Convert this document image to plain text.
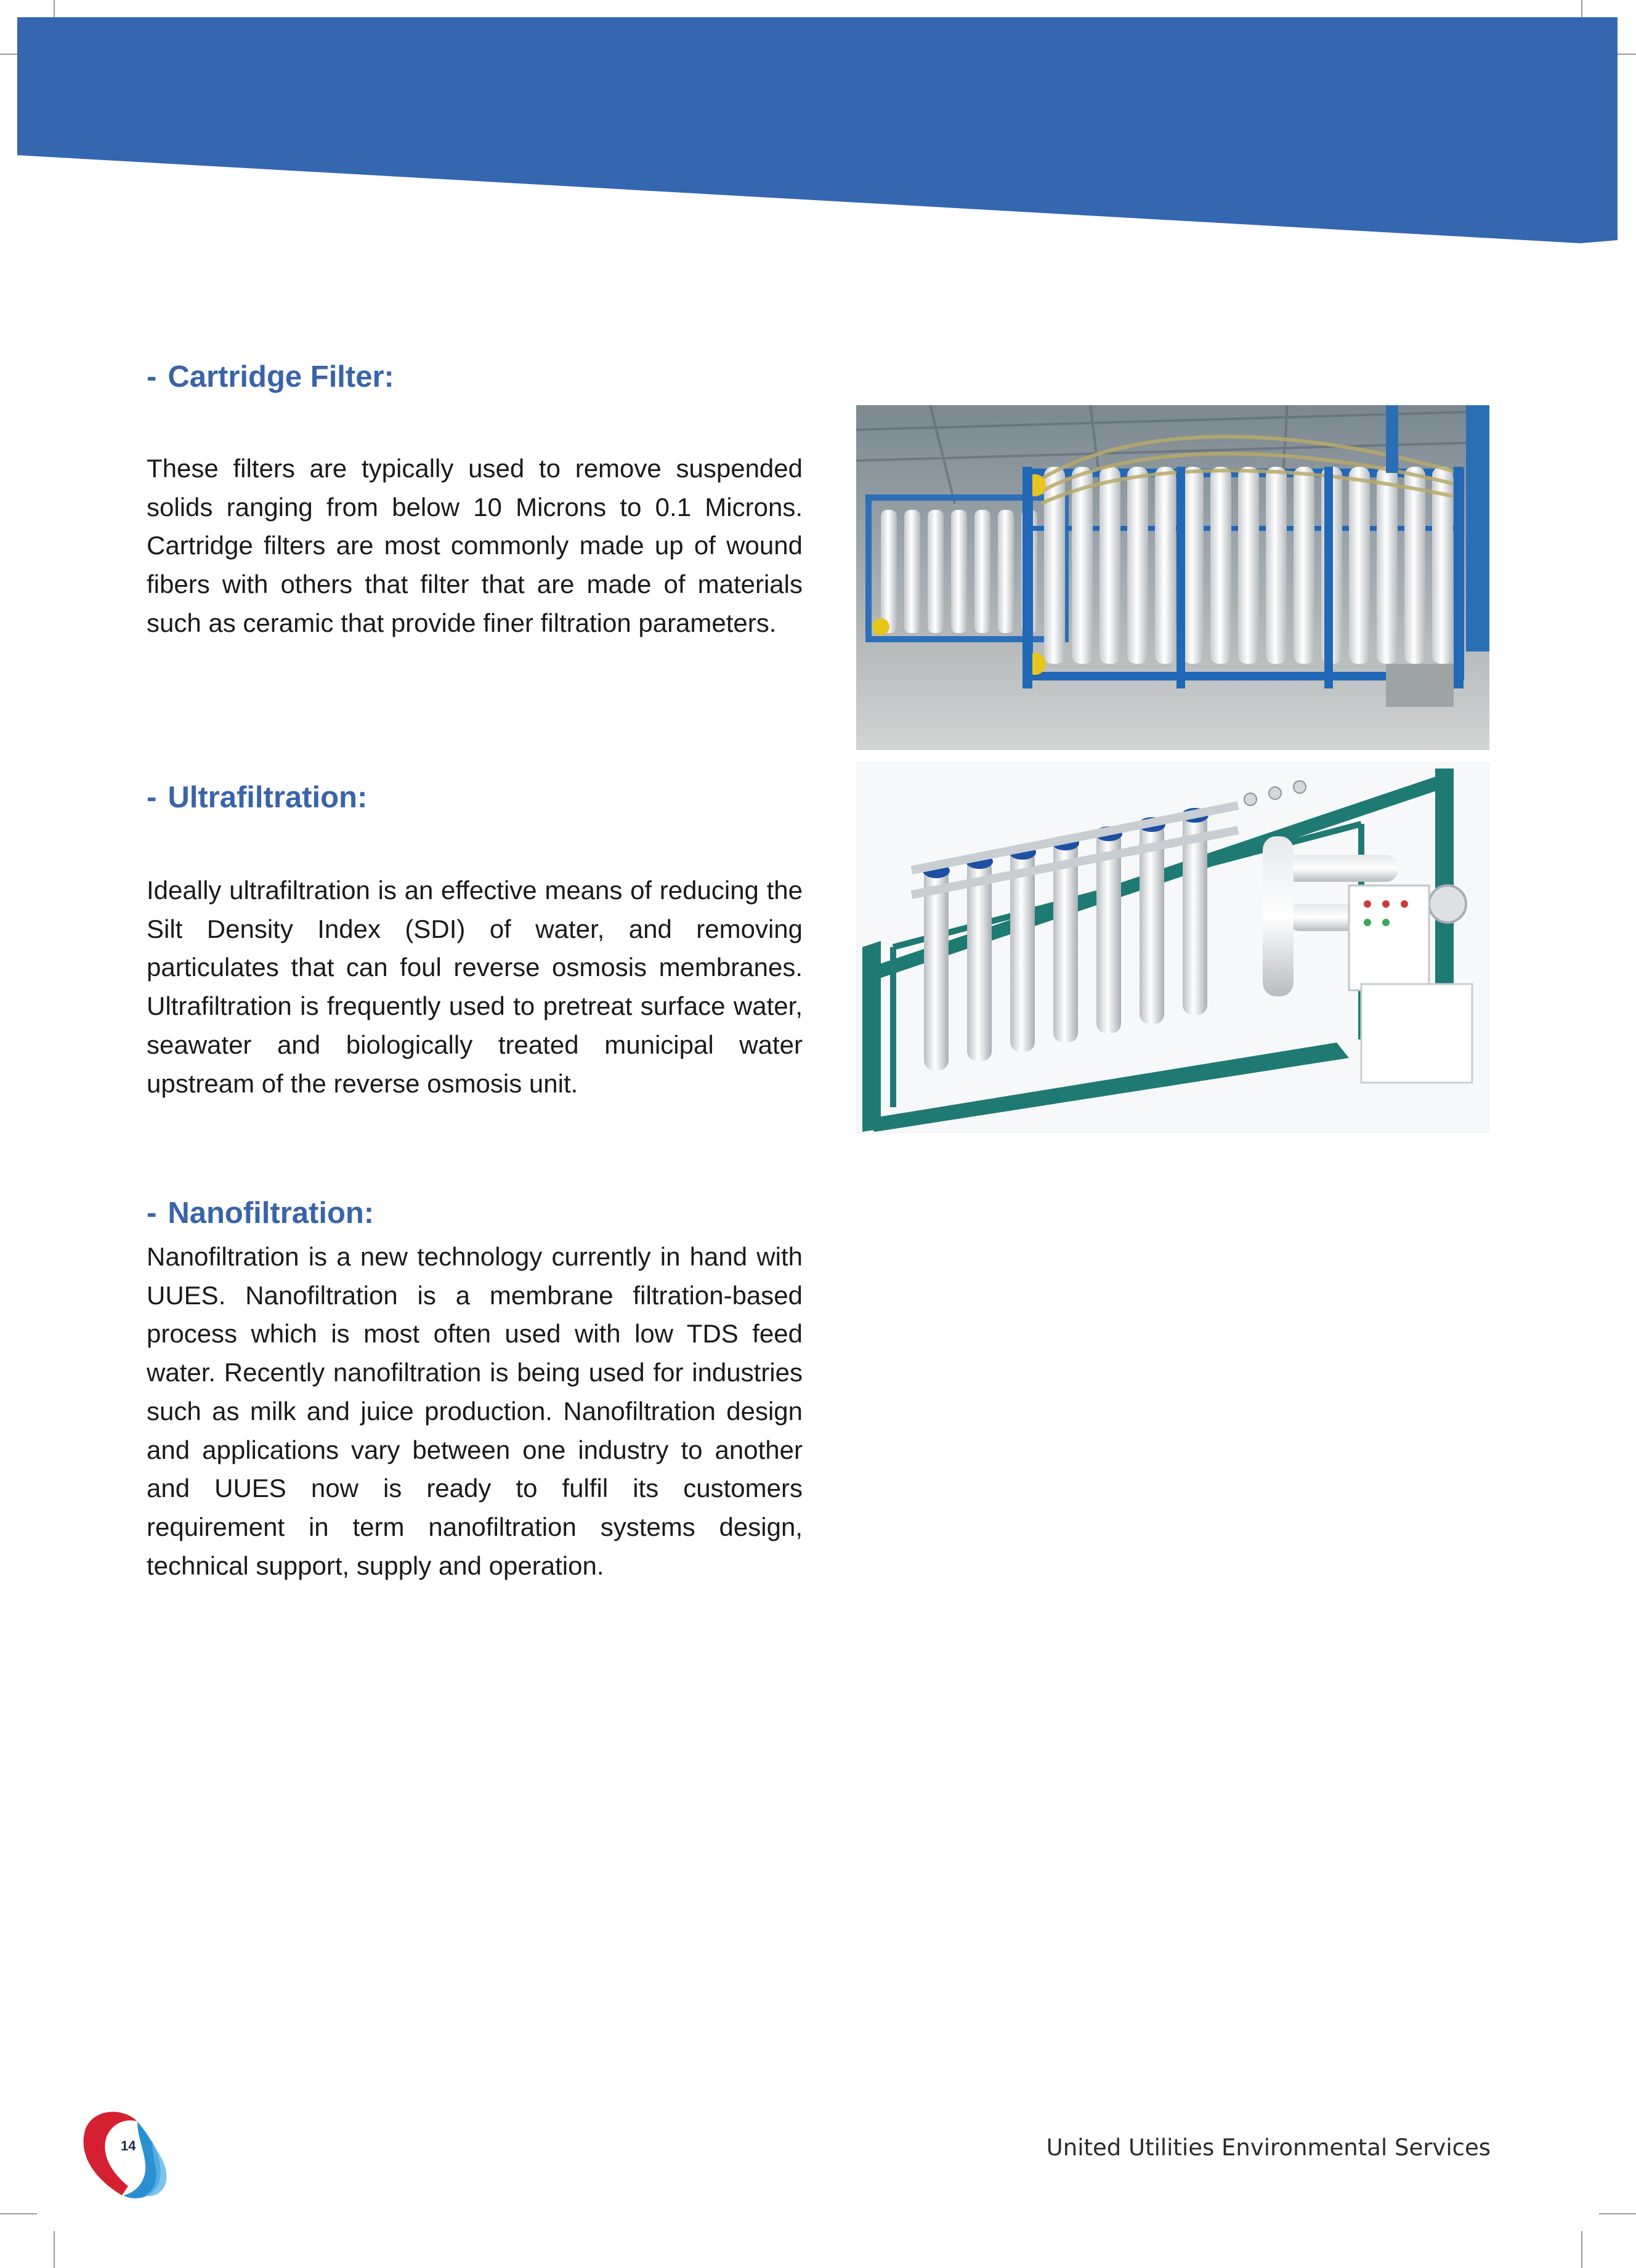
- Cartridge Filter:

These filters are typically used to remove suspended solids ranging from below 10 Microns to 0.1 Microns. Cartridge filters are most commonly made up of wound fibers with others that filter that are made of materials such as ceramic that provide finer filtration parameters.

- Ultrafiltration:

Ideally ultrafiltration is an effective means of reducing the Silt Density Index (SDI) of water, and removing particulates that can foul reverse osmosis membranes. Ultrafiltration is frequently used to pretreat surface water, seawater and biologically treated municipal water upstream of the reverse osmosis unit.

- Nanofiltration:

Nanofiltration is a new technology currently in hand with UUES. Nanofiltration is a membrane filtration-based process which is most often used with low TDS feed water. Recently nanofiltration is being used for industries such as milk and juice production. Nanofiltration design and applications vary between one industry to another and UUES now is ready to fulfil its customers requirement in term nanofiltration systems design, technical support, supply and operation.

14	United Utilities Environmental Services
